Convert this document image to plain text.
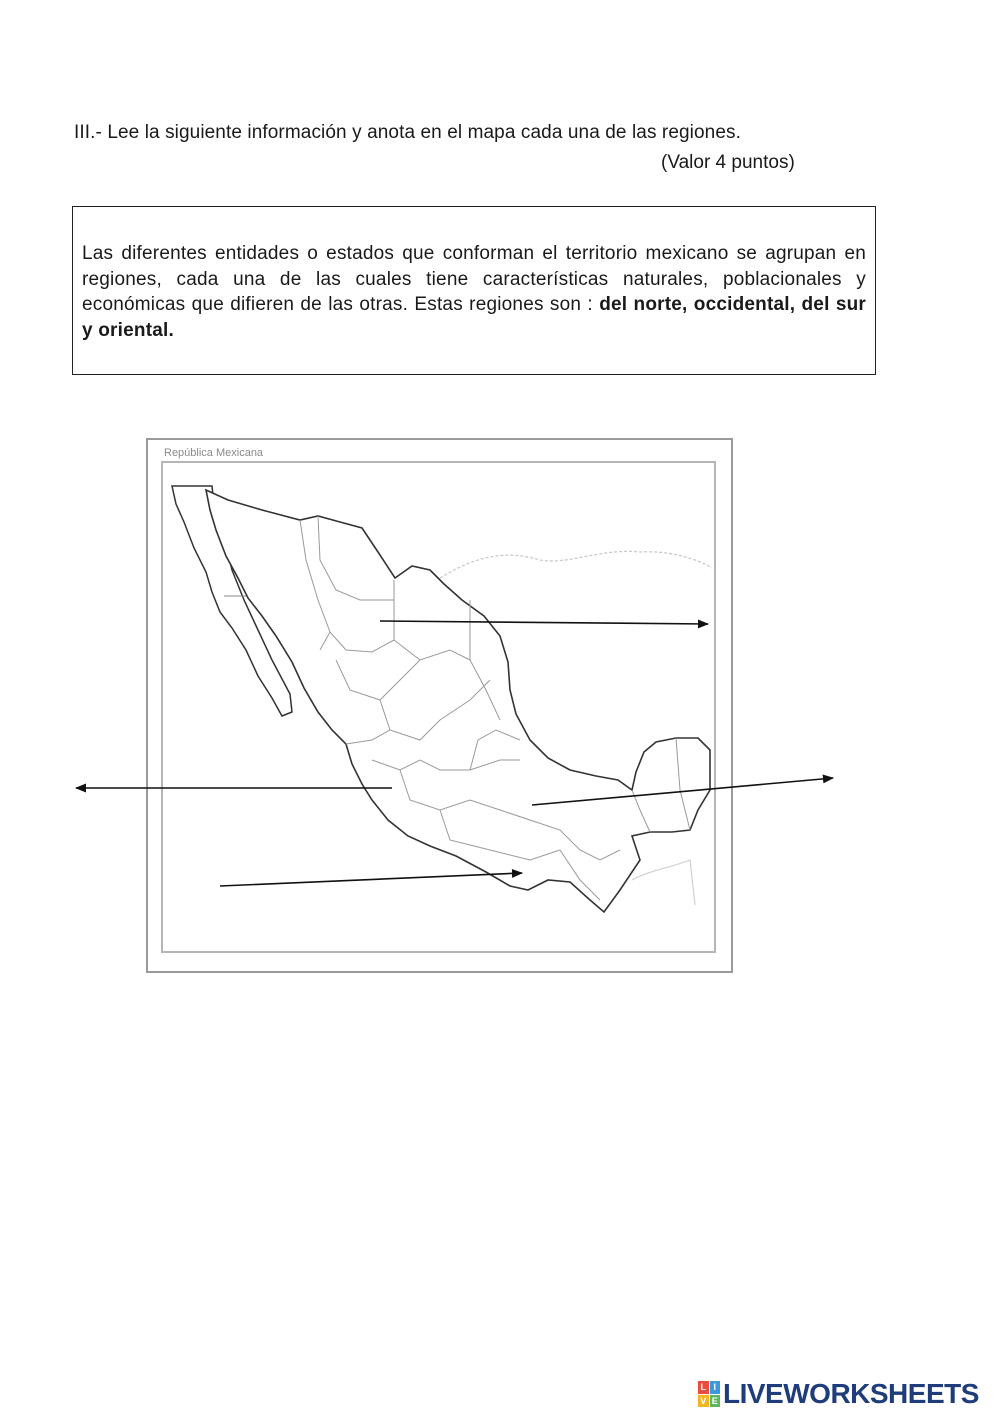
III.- Lee la siguiente información y anota en el mapa cada una de las regiones.
(Valor 4 puntos)

Las diferentes entidades o estados que conforman el territorio mexicano se agrupan en regiones, cada una de las cuales tiene características naturales, poblacionales y económicas que difieren de las otras. Estas regiones son : del norte, occidental, del sur y oriental.

República Mexicana
L I
V E LIVEWORKSHEETS
